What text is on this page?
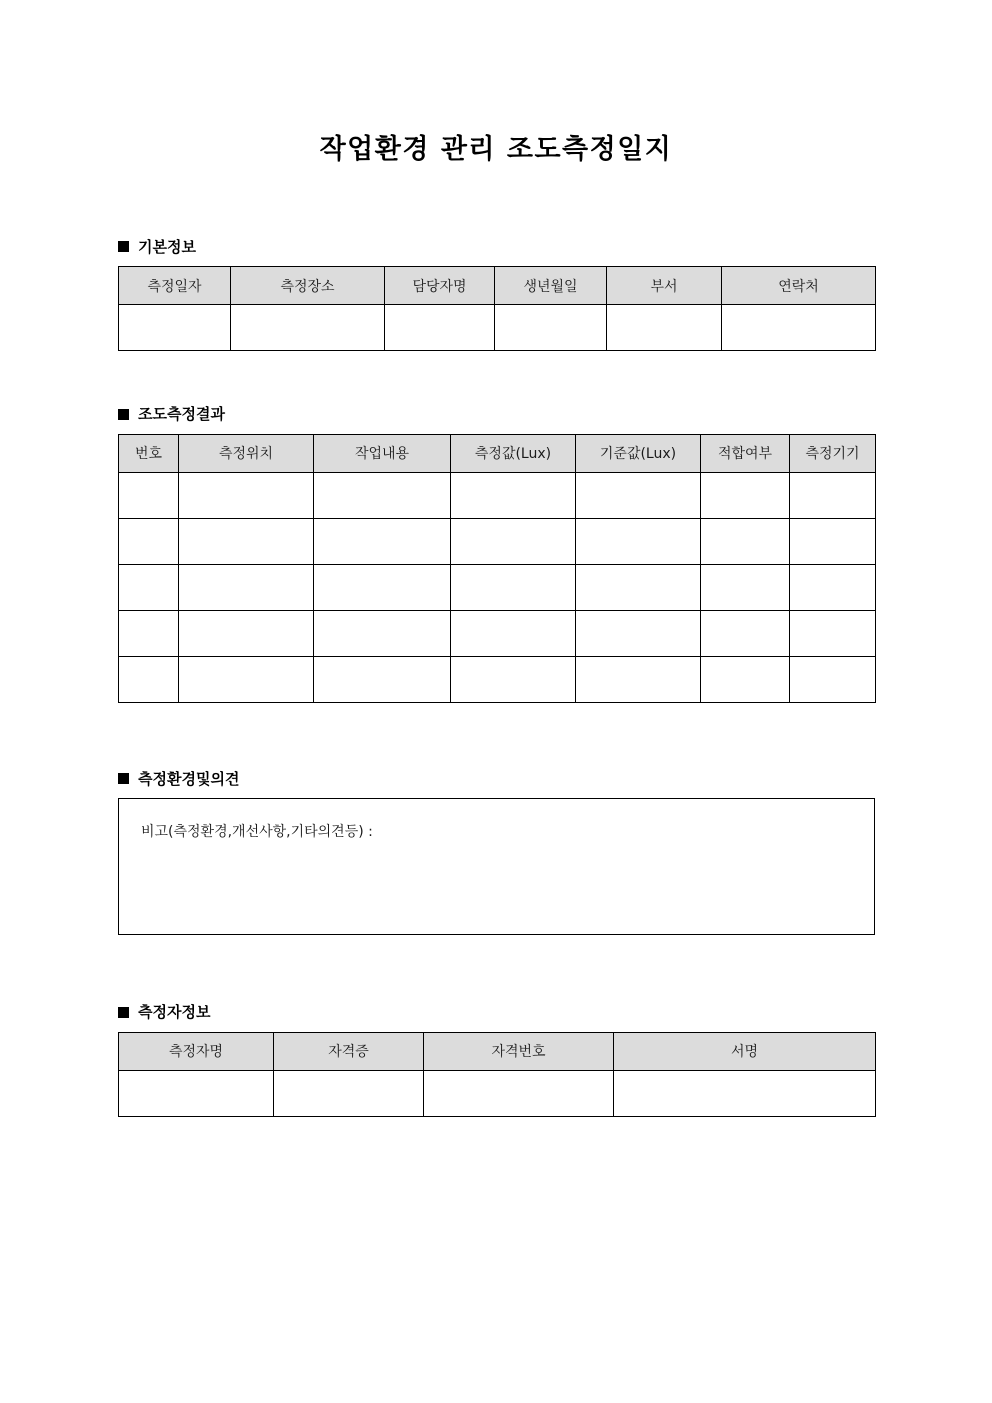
작업환경 관리 조도측정일지
기본정보
측정일자	측정장소	담당자명	생년월일	부서	연락처

조도측정결과
번호	측정위치	작업내용	측정값(Lux)	기준값(Lux)	적합여부	측정기기

측정환경및의견
비고(측정환경,개선사항,기타의견등) :
측정자정보
측정자명	자격증	자격번호	서명
